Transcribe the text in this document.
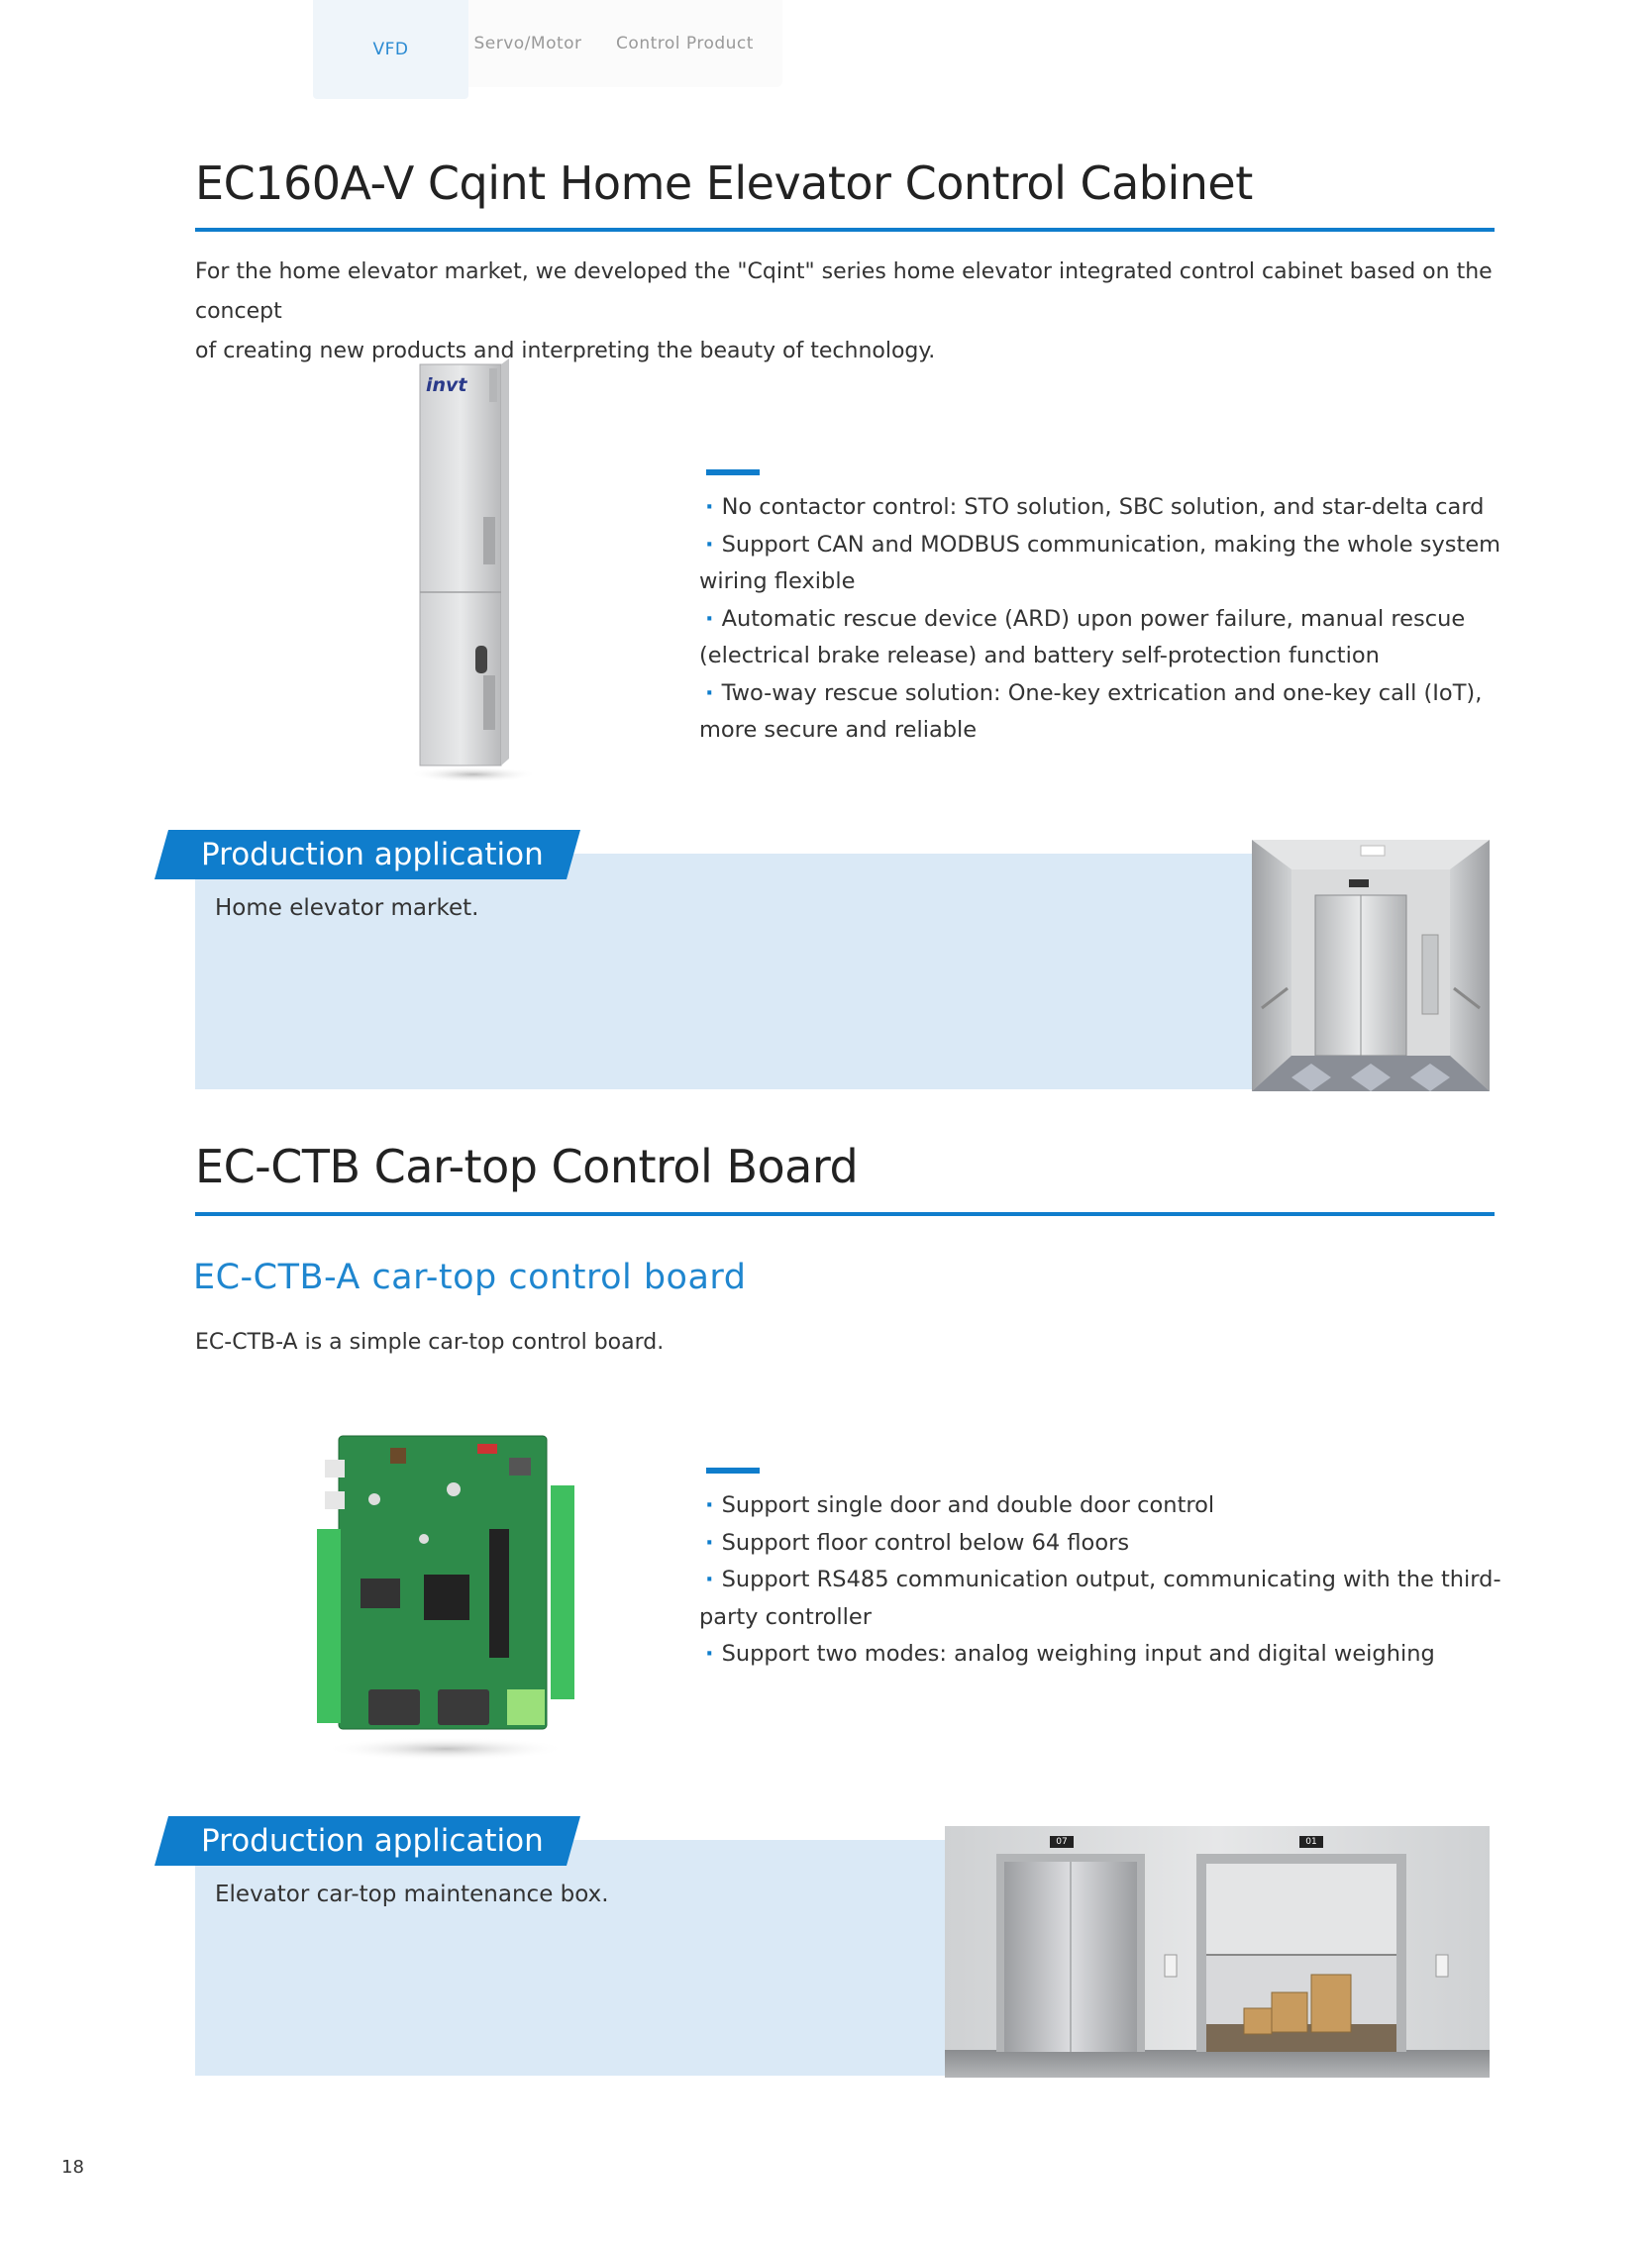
VFD	Servo/Motor	Control Product
EC160A-V Cqint Home Elevator Control Cabinet
For the home elevator market, we developed the "Cqint" series home elevator integrated control cabinet based on the concept
of creating new products and interpreting the beauty of technology.
invt
· No contactor control: STO solution, SBC solution, and star-delta card
· Support CAN and MODBUS communication, making the whole system wiring flexible
· Automatic rescue device (ARD) upon power failure, manual rescue (electrical brake release) and battery self-protection function
· Two-way rescue solution: One-key extrication and one-key call (IoT), more secure and reliable
Production application
Home elevator market.
EC-CTB Car-top Control Board
EC-CTB-A car-top control board
EC-CTB-A is a simple car-top control board.
· Support single door and double door control
· Support floor control below 64 floors
· Support RS485 communication output, communicating with the third-party controller
· Support two modes: analog weighing input and digital weighing
Production application
Elevator car-top maintenance box.
07	01
18
